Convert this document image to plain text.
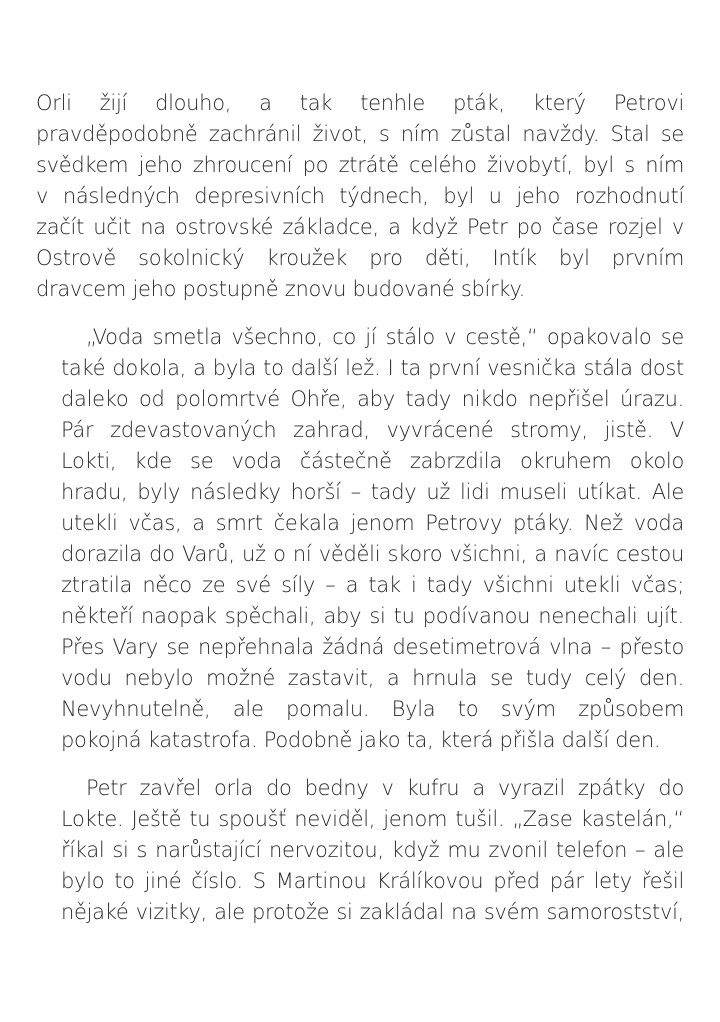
Orli žijí dlouho, a tak tenhle pták, který Petrovi
pravděpodobně zachránil život, s ním zůstal navždy. Stal se
svědkem jeho zhroucení po ztrátě celého živobytí, byl s ním
v následných depresivních týdnech, byl u jeho rozhodnutí
začít učit na ostrovské základce, a když Petr po čase rozjel v
Ostrově sokolnický kroužek pro děti, Intík byl prvním
dravcem jeho postupně znovu budované sbírky.
„Voda smetla všechno, co jí stálo v cestě,“ opakovalo se
také dokola, a byla to další lež. I ta první vesnička stála dost
daleko od polomrtvé Ohře, aby tady nikdo nepřišel úrazu.
Pár zdevastovaných zahrad, vyvrácené stromy, jistě. V
Lokti, kde se voda částečně zabrzdila okruhem okolo
hradu, byly následky horší – tady už lidi museli utíkat. Ale
utekli včas, a smrt čekala jenom Petrovy ptáky. Než voda
dorazila do Varů, už o ní věděli skoro všichni, a navíc cestou
ztratila něco ze své síly – a tak i tady všichni utekli včas;
někteří naopak spěchali, aby si tu podívanou nenechali ujít.
Přes Vary se nepřehnala žádná desetimetrová vlna – přesto
vodu nebylo možné zastavit, a hrnula se tudy celý den.
Nevyhnutelně, ale pomalu. Byla to svým způsobem
pokojná katastrofa. Podobně jako ta, která přišla další den.
Petr zavřel orla do bedny v kufru a vyrazil zpátky do
Lokte. Ještě tu spoušť neviděl, jenom tušil. „Zase kastelán,“
říkal si s narůstající nervozitou, když mu zvonil telefon – ale
bylo to jiné číslo. S Martinou Králíkovou před pár lety řešil
nějaké vizitky, ale protože si zakládal na svém samorostství,
